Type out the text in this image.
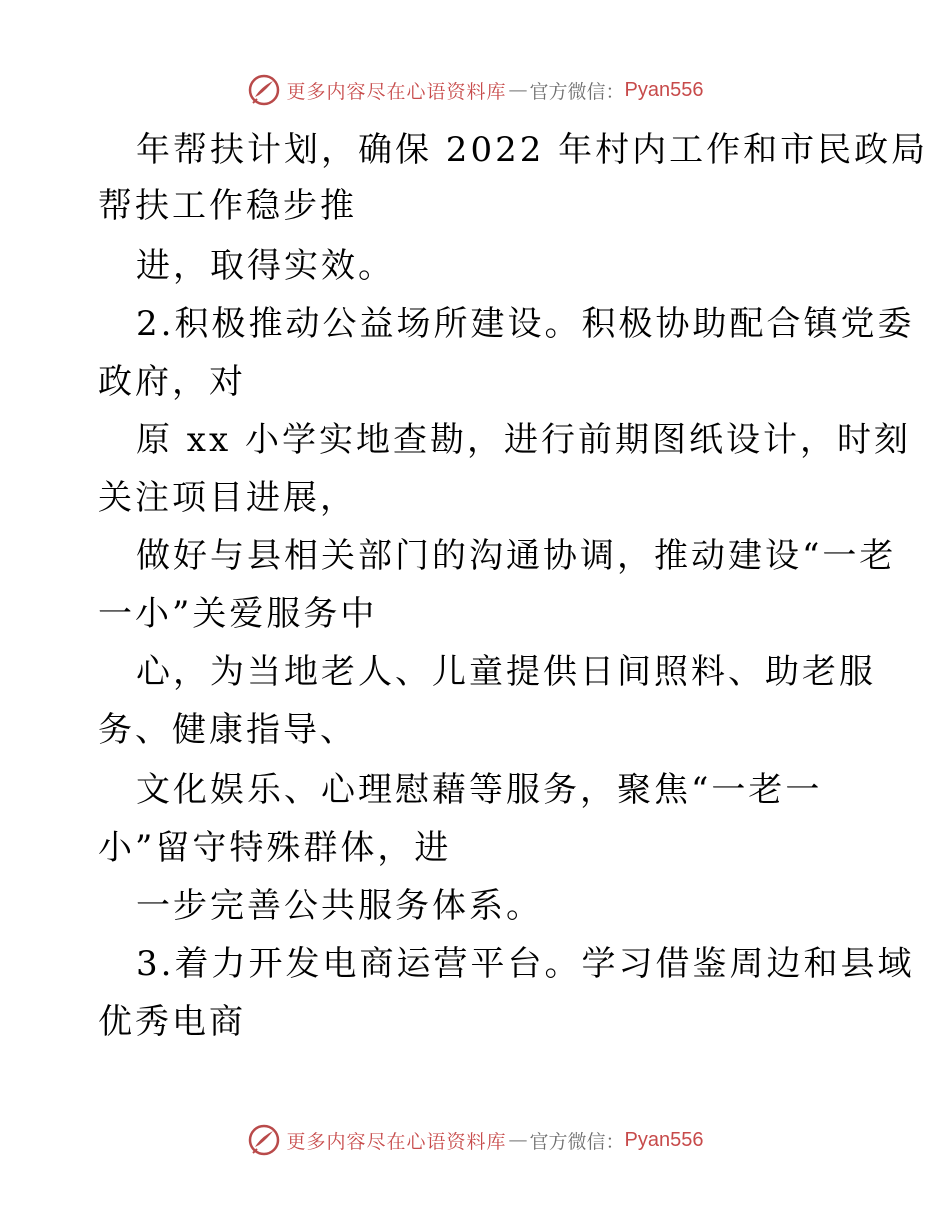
更多内容尽在心语资料库 — 官方微信： Pyan556
年帮扶计划，确保 2022 年村内工作和市民政局
帮扶工作稳步推
进，取得实效。
2.积极推动公益场所建设。积极协助配合镇党委
政府，对
原 xx 小学实地查勘，进行前期图纸设计，时刻
关注项目进展，
做好与县相关部门的沟通协调，推动建设“一老
一小”关爱服务中
心，为当地老人、儿童提供日间照料、助老服
务、健康指导、
文化娱乐、心理慰藉等服务，聚焦“一老一
小”留守特殊群体，进
一步完善公共服务体系。
3.着力开发电商运营平台。学习借鉴周边和县域
优秀电商
更多内容尽在心语资料库 — 官方微信： Pyan556
